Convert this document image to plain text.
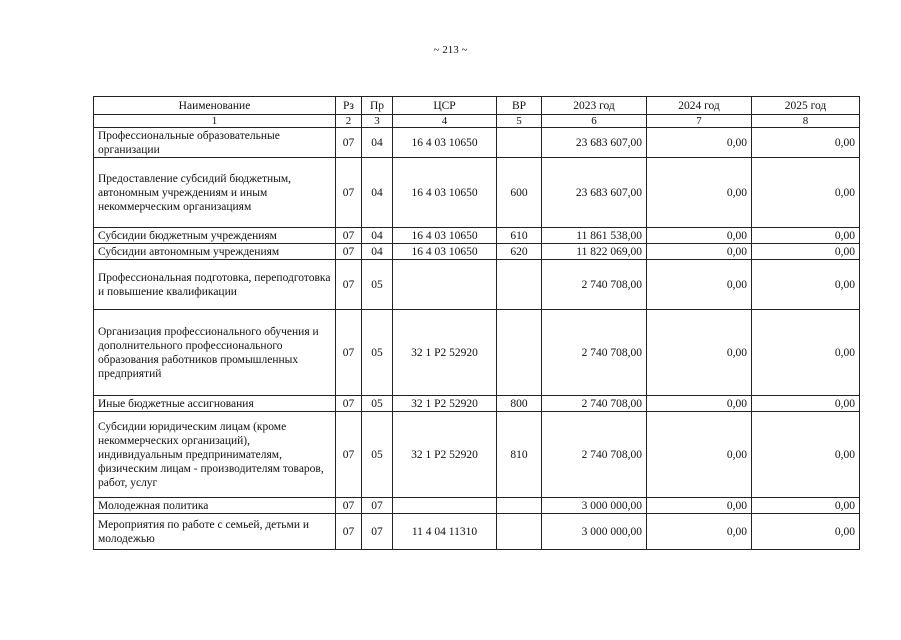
~ 213 ~
Наименование	Рз	Пр	ЦСР	ВР	2023 год	2024 год	2025 год
1	2	3	4	5	6	7	8
Профессиональные образовательные организации	07	04	16 4 03 10650		23 683 607,00	0,00	0,00
Предоставление субсидий бюджетным, автономным учреждениям и иным некоммерческим организациям	07	04	16 4 03 10650	600	23 683 607,00	0,00	0,00
Субсидии бюджетным учреждениям	07	04	16 4 03 10650	610	11 861 538,00	0,00	0,00
Субсидии автономным учреждениям	07	04	16 4 03 10650	620	11 822 069,00	0,00	0,00
Профессиональная подготовка, переподготовка и повышение квалификации	07	05			2 740 708,00	0,00	0,00
Организация профессионального обучения и дополнительного профессионального образования работников промышленных предприятий	07	05	32 1 P2 52920		2 740 708,00	0,00	0,00
Иные бюджетные ассигнования	07	05	32 1 P2 52920	800	2 740 708,00	0,00	0,00
Субсидии юридическим лицам (кроме некоммерческих организаций), индивидуальным предпринимателям, физическим лицам - производителям товаров, работ, услуг	07	05	32 1 P2 52920	810	2 740 708,00	0,00	0,00
Молодежная политика	07	07			3 000 000,00	0,00	0,00
Мероприятия по работе с семьей, детьми и молодежью	07	07	11 4 04 11310		3 000 000,00	0,00	0,00
